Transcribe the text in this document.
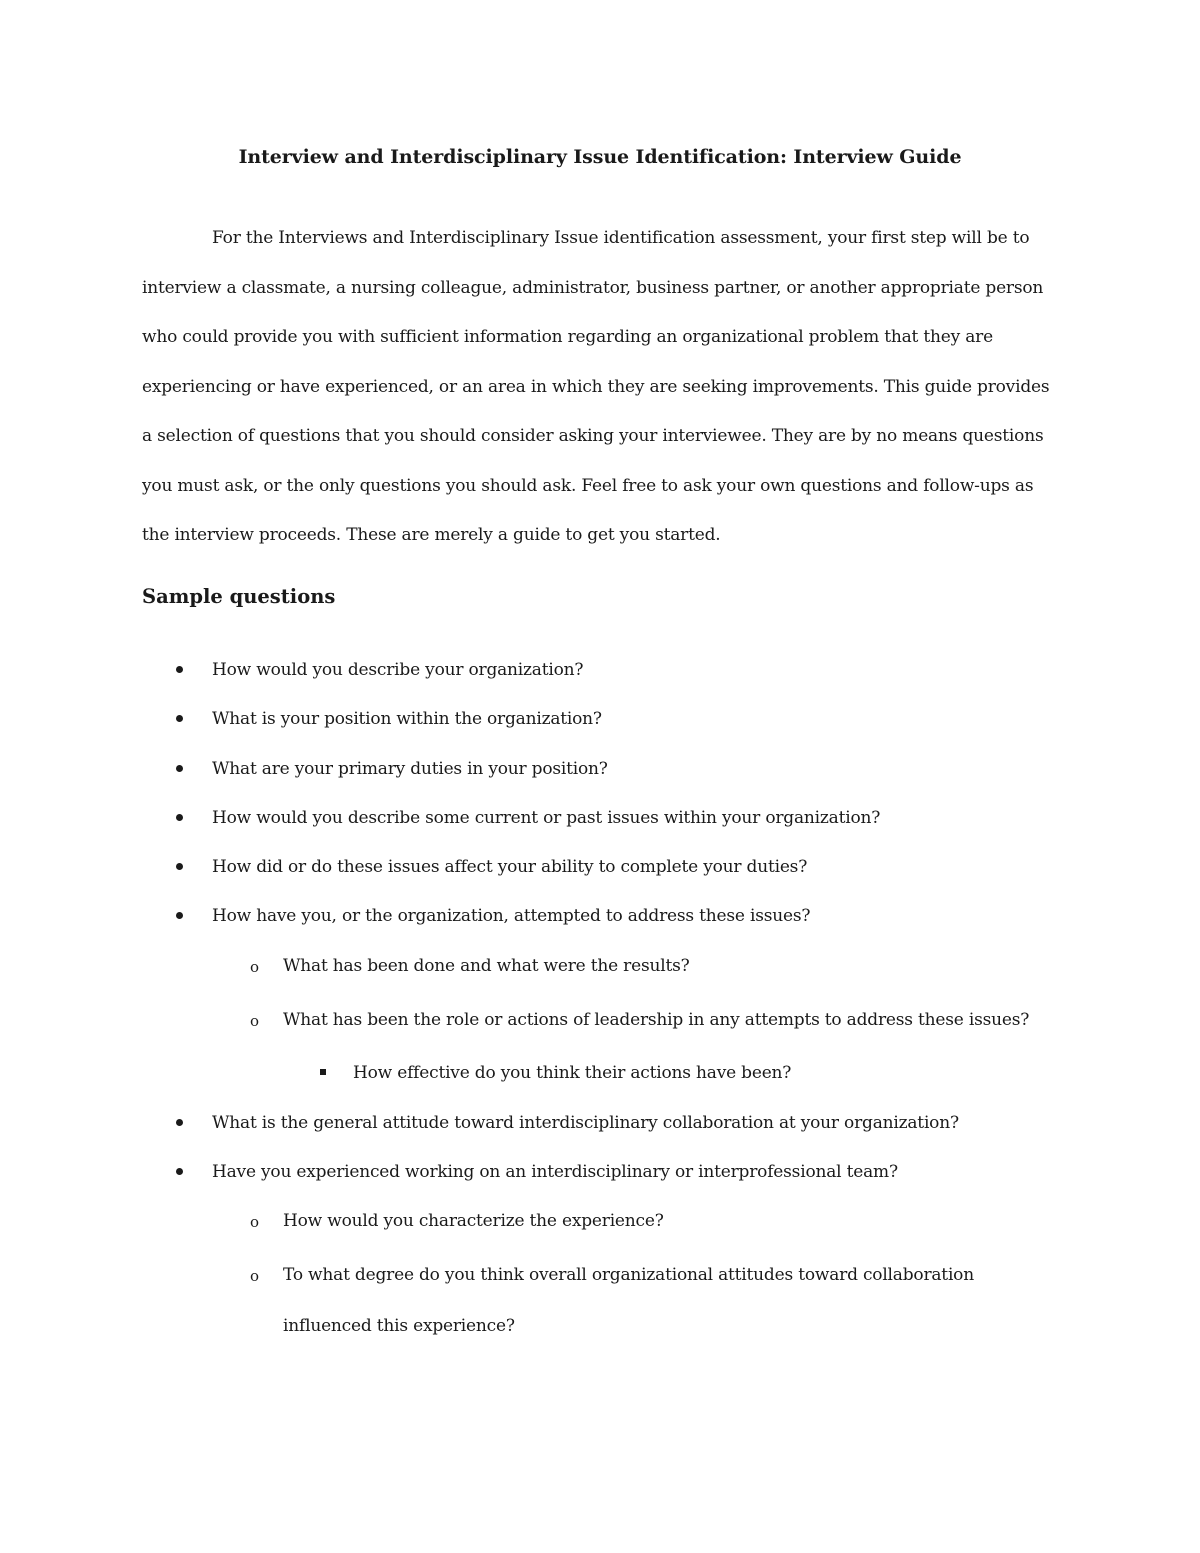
Interview and Interdisciplinary Issue Identification: Interview Guide

For the Interviews and Interdisciplinary Issue identification assessment, your first step will be to interview a classmate, a nursing colleague, administrator, business partner, or another appropriate person who could provide you with sufficient information regarding an organizational problem that they are experiencing or have experienced, or an area in which they are seeking improvements. This guide provides a selection of questions that you should consider asking your interviewee. They are by no means questions you must ask, or the only questions you should ask. Feel free to ask your own questions and follow-ups as the interview proceeds. These are merely a guide to get you started.

Sample questions
How would you describe your organization?
What is your position within the organization?
What are your primary duties in your position?
How would you describe some current or past issues within your organization?
How did or do these issues affect your ability to complete your duties?
How have you, or the organization, attempted to address these issues?
o What has been done and what were the results?
o What has been the role or actions of leadership in any attempts to address these issues?
How effective do you think their actions have been?
What is the general attitude toward interdisciplinary collaboration at your organization?
Have you experienced working on an interdisciplinary or interprofessional team?
o How would you characterize the experience?
o To what degree do you think overall organizational attitudes toward collaboration influenced this experience?
